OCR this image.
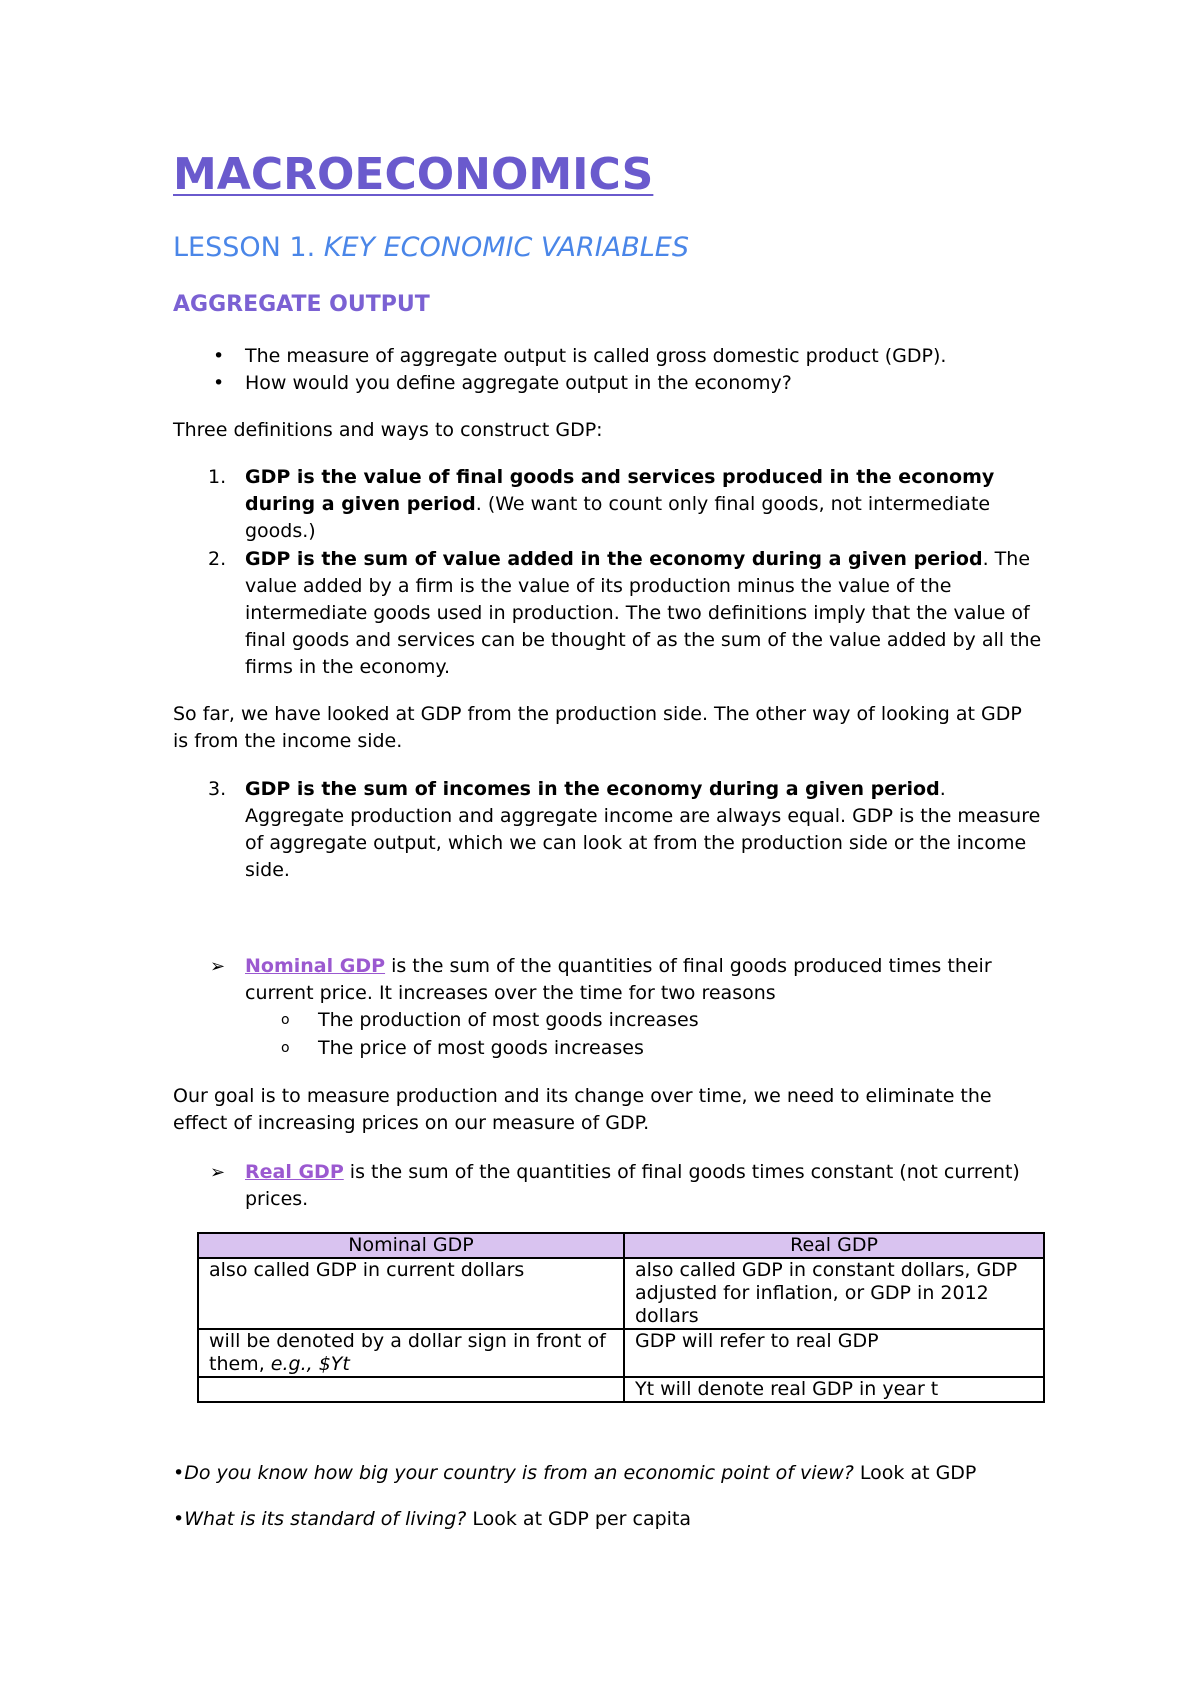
MACROECONOMICS
LESSON 1. KEY ECONOMIC VARIABLES
AGGREGATE OUTPUT
• The measure of aggregate output is called gross domestic product (GDP).
• How would you define aggregate output in the economy?
Three definitions and ways to construct GDP:
1. GDP is the value of final goods and services produced in the economy during a given period. (We want to count only final goods, not intermediate goods.)
2. GDP is the sum of value added in the economy during a given period. The value added by a firm is the value of its production minus the value of the intermediate goods used in production. The two definitions imply that the value of final goods and services can be thought of as the sum of the value added by all the firms in the economy.
So far, we have looked at GDP from the production side. The other way of looking at GDP is from the income side.
3. GDP is the sum of incomes in the economy during a given period. Aggregate production and aggregate income are always equal. GDP is the measure of aggregate output, which we can look at from the production side or the income side.
➢ Nominal GDP is the sum of the quantities of final goods produced times their current price. It increases over the time for two reasons
o The production of most goods increases
o The price of most goods increases
Our goal is to measure production and its change over time, we need to eliminate the effect of increasing prices on our measure of GDP.
➢ Real GDP is the sum of the quantities of final goods times constant (not current) prices.
Nominal GDP	Real GDP
also called GDP in current dollars	also called GDP in constant dollars, GDP adjusted for inflation, or GDP in 2012 dollars
will be denoted by a dollar sign in front of them, e.g., $Yt	GDP will refer to real GDP
	Yt will denote real GDP in year t
•Do you know how big your country is from an economic point of view? Look at GDP
•What is its standard of living? Look at GDP per capita
